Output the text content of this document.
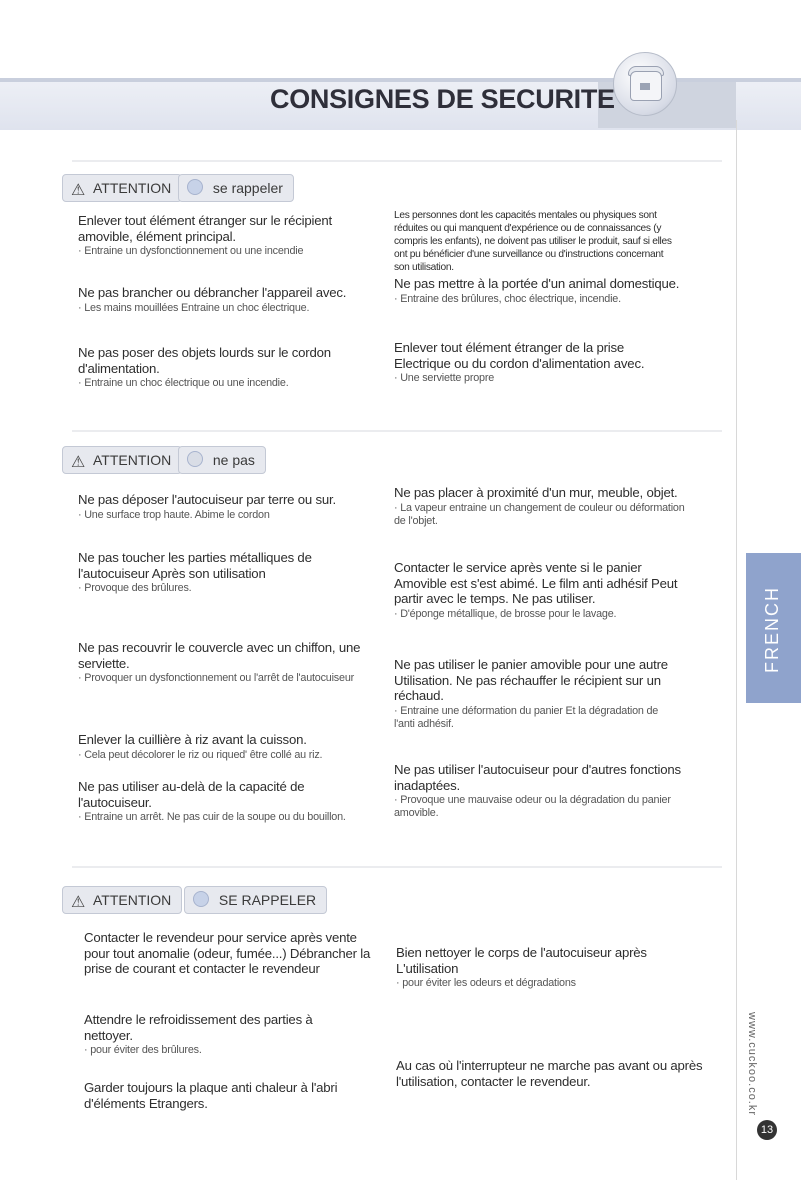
CONSIGNES DE SECURITE
FRENCH
www.cuckoo.co.kr
13
⚠ ATTENTION	se rappeler
Enlever tout élément étranger sur le récipient amovible, élément principal.
· Entraine un dysfonctionnement ou une incendie
Ne pas brancher ou débrancher l'appareil avec.
· Les mains mouillées Entraine un choc électrique.
Ne pas poser des objets lourds sur le cordon d'alimentation.
· Entraine un choc électrique ou une incendie.
Les personnes dont les capacités mentales ou physiques sont réduites ou qui manquent d'expérience ou de connaissances (y compris les enfants), ne doivent pas utiliser le produit, sauf si elles ont pu bénéficier d'une surveillance ou d'instructions concernant son utilisation.
Ne pas mettre à la portée d'un animal domestique.
· Entraine des brûlures, choc électrique, incendie.
Enlever tout élément étranger de la prise Electrique ou du cordon d'alimentation avec.
· Une serviette propre
⚠ ATTENTION	ne pas
Ne pas déposer l'autocuiseur par terre ou sur.
· Une surface trop haute. Abime le cordon
Ne pas toucher les parties métalliques de l'autocuiseur Après son utilisation
· Provoque des brûlures.
Ne pas recouvrir le couvercle avec un chiffon, une serviette.
· Provoquer un dysfonctionnement ou l'arrêt de l'autocuiseur
Enlever la cuillière à riz avant la cuisson.
· Cela peut décolorer le riz ou riqued' être collé au riz.
Ne pas utiliser au-delà de la capacité de l'autocuiseur.
· Entraine un arrêt. Ne pas cuir de la soupe ou du bouillon.
Ne pas placer à proximité d'un mur, meuble, objet.
· La vapeur entraine un changement de couleur ou déformation de l'objet.
Contacter le service après vente si le panier Amovible est s'est abimé. Le film anti adhésif Peut partir avec le temps. Ne pas utiliser.
· D'éponge métallique, de brosse pour le lavage.
Ne pas utiliser le panier amovible pour une autre Utilisation. Ne pas réchauffer le récipient sur un réchaud.
· Entraine une déformation du panier Et la dégradation de l'anti adhésif.
Ne pas utiliser l'autocuiseur pour d'autres fonctions inadaptées.
· Provoque une mauvaise odeur ou la dégradation du panier amovible.
⚠ ATTENTION	SE RAPPELER
Contacter le revendeur pour service après vente pour tout anomalie (odeur, fumée...) Débrancher la prise de courant et contacter le revendeur
Attendre le refroidissement des parties à nettoyer.
· pour éviter des brûlures.
Garder toujours la plaque anti chaleur à l'abri d'éléments Etrangers.
Bien nettoyer le corps de l'autocuiseur après L'utilisation
· pour éviter les odeurs et dégradations
Au cas où l'interrupteur ne marche pas avant ou après l'utilisation, contacter le revendeur.
